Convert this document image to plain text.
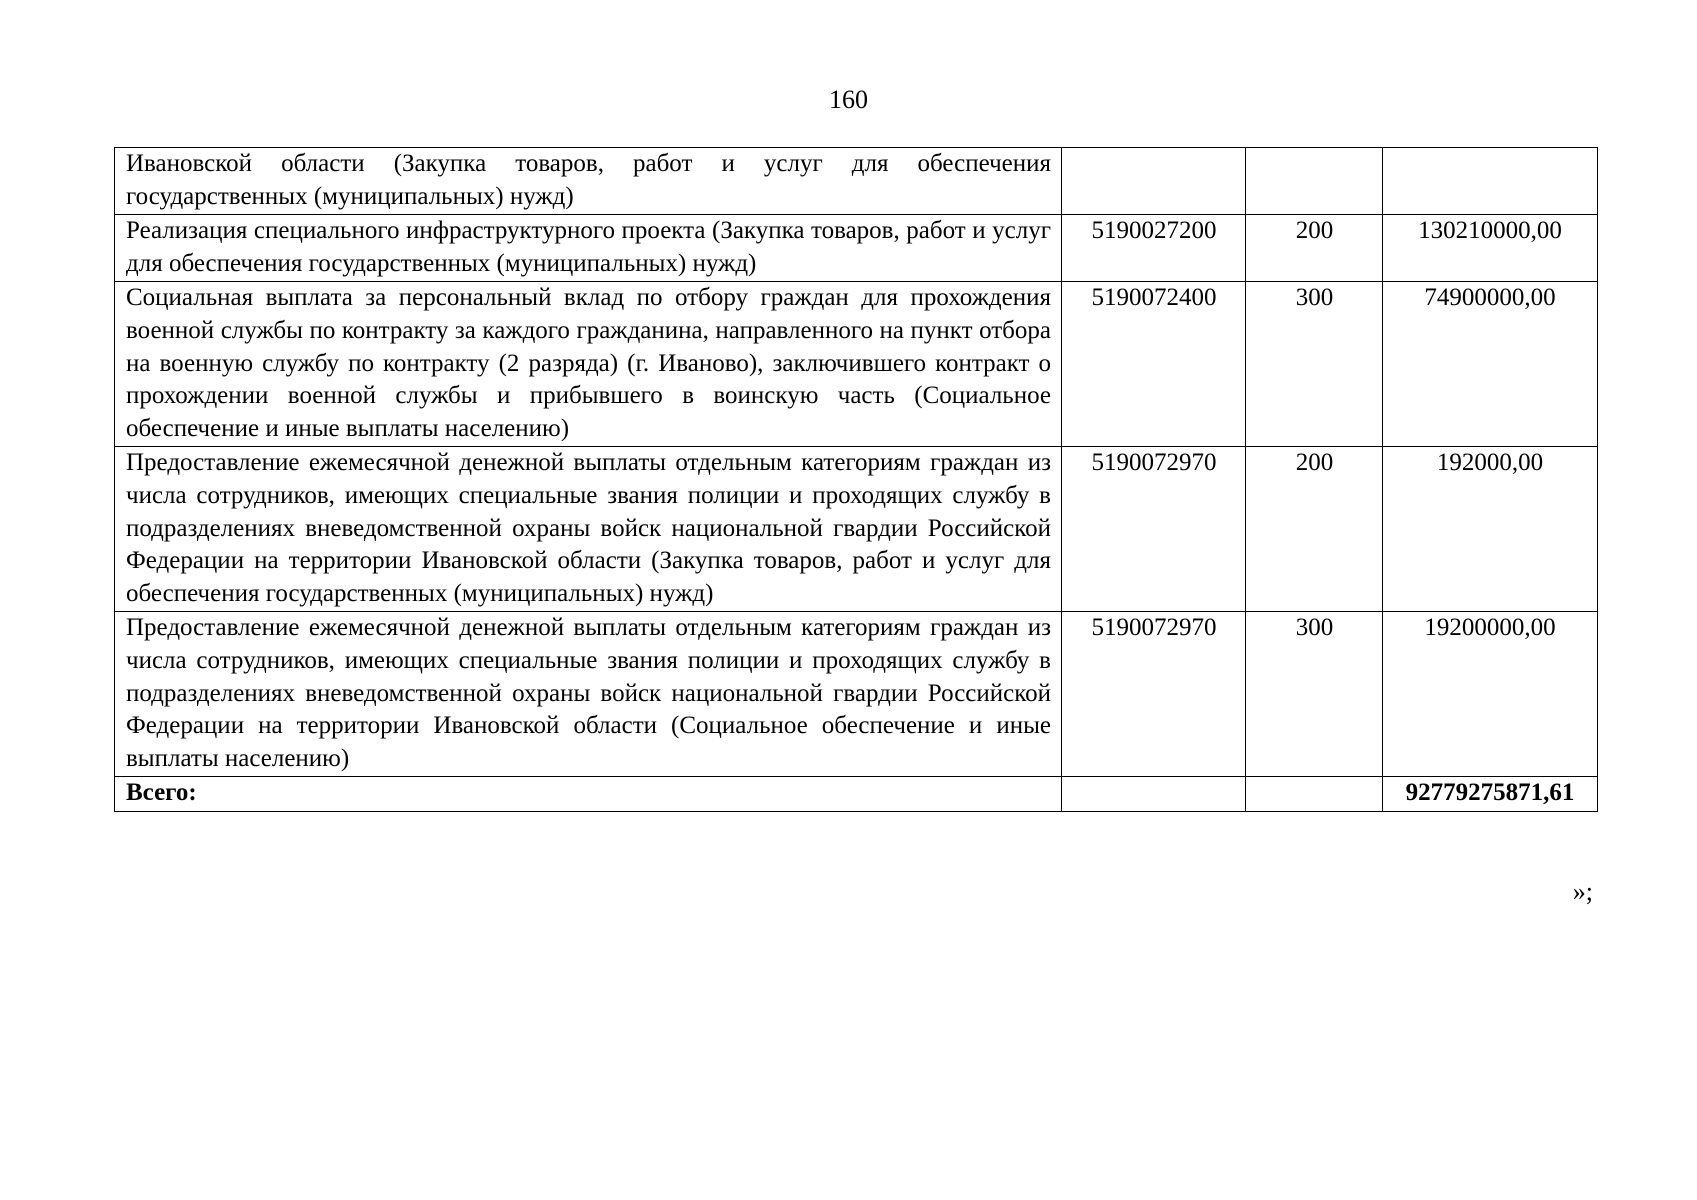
160
Ивановской области (Закупка товаров, работ и услуг для обеспечения государственных (муниципальных) нужд)			
Реализация специального инфраструктурного проекта (Закупка товаров, работ и услуг для обеспечения государственных (муниципальных) нужд)	5190027200	200	130210000,00
Социальная выплата за персональный вклад по отбору граждан для прохождения военной службы по контракту за каждого гражданина, направленного на пункт отбора на военную службу по контракту (2 разряда) (г. Иваново), заключившего контракт о прохождении военной службы и прибывшего в воинскую часть (Социальное обеспечение и иные выплаты населению)	5190072400	300	74900000,00
Предоставление ежемесячной денежной выплаты отдельным категориям граждан из числа сотрудников, имеющих специальные звания полиции и проходящих службу в подразделениях вневедомственной охраны войск национальной гвардии Российской Федерации на территории Ивановской области (Закупка товаров, работ и услуг для обеспечения государственных (муниципальных) нужд)	5190072970	200	192000,00
Предоставление ежемесячной денежной выплаты отдельным категориям граждан из числа сотрудников, имеющих специальные звания полиции и проходящих службу в подразделениях вневедомственной охраны войск национальной гвардии Российской Федерации на территории Ивановской области (Социальное обеспечение и иные выплаты населению)	5190072970	300	19200000,00
Всего:			92779275871,61
»;
